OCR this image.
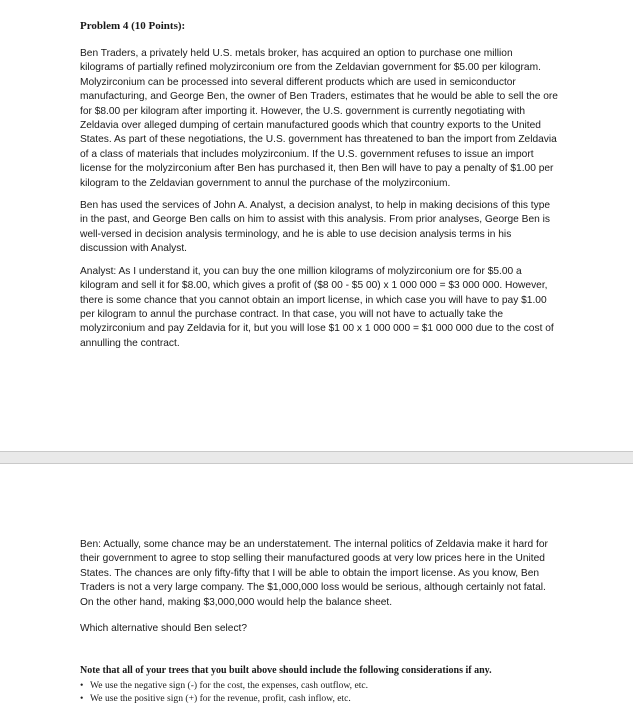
Problem 4 (10 Points):

Ben Traders, a privately held U.S. metals broker, has acquired an option to purchase one million kilograms of partially refined molyzirconium ore from the Zeldavian government for $5.00 per kilogram. Molyzirconium can be processed into several different products which are used in semiconductor manufacturing, and George Ben, the owner of Ben Traders, estimates that he would be able to sell the ore for $8.00 per kilogram after importing it. However, the U.S. government is currently negotiating with Zeldavia over alleged dumping of certain manufactured goods which that country exports to the United States. As part of these negotiations, the U.S. government has threatened to ban the import from Zeldavia of a class of materials that includes molyzirconium. If the U.S. government refuses to issue an import license for the molyzirconium after Ben has purchased it, then Ben will have to pay a penalty of $1.00 per kilogram to the Zeldavian government to annul the purchase of the molyzirconium.

Ben has used the services of John A. Analyst, a decision analyst, to help in making decisions of this type in the past, and George Ben calls on him to assist with this analysis. From prior analyses, George Ben is well-versed in decision analysis terminology, and he is able to use decision analysis terms in his discussion with Analyst.

Analyst: As I understand it, you can buy the one million kilograms of molyzirconium ore for $5.00 a kilogram and sell it for $8.00, which gives a profit of ($8 00 - $5 00) x 1 000 000 = $3 000 000. However, there is some chance that you cannot obtain an import license, in which case you will have to pay $1.00 per kilogram to annul the purchase contract. In that case, you will not have to actually take the molyzirconium and pay Zeldavia for it, but you will lose $1 00 x 1 000 000 = $1 000 000 due to the cost of annulling the contract.

Ben: Actually, some chance may be an understatement. The internal politics of Zeldavia make it hard for their government to agree to stop selling their manufactured goods at very low prices here in the United States. The chances are only fifty-fifty that I will be able to obtain the import license. As you know, Ben Traders is not a very large company. The $1,000,000 loss would be serious, although certainly not fatal. On the other hand, making $3,000,000 would help the balance sheet.

Which alternative should Ben select?

Note that all of your trees that you built above should include the following considerations if any.
• We use the negative sign (-) for the cost, the expenses, cash outflow, etc.
• We use the positive sign (+) for the revenue, profit, cash inflow, etc.
